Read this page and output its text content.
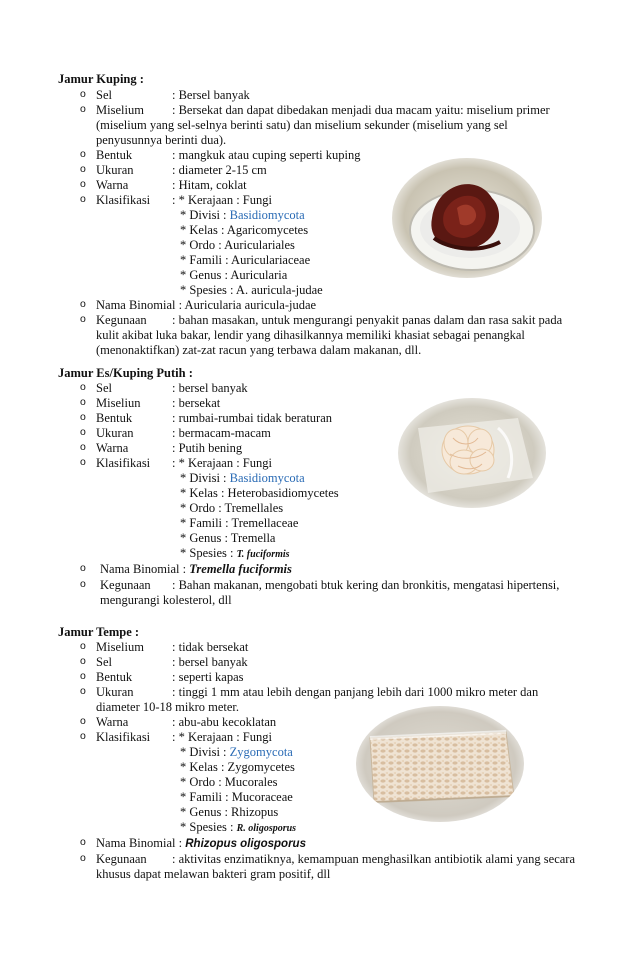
Jamur Kuping :
o Sel	: Bersel banyak
o Miselium : Bersekat dan dapat dibedakan menjadi dua macam yaitu: miselium primer
(miselium yang sel-selnya berinti satu) dan miselium sekunder (miselium yang sel
penyusunnya berinti dua).
o Bentuk	: mangkuk atau cuping seperti kuping
o Ukuran	: diameter 2-15 cm
o Warna	: Hitam, coklat
o Klasifikasi : * Kerajaan : Fungi
* Divisi : Basidiomycota
* Kelas : Agaricomycetes
* Ordo : Auriculariales
* Famili : Auriculariaceae
* Genus : Auricularia
* Spesies : A. auricula-judae
o Nama Binomial : Auricularia auricula-judae
o Kegunaan : bahan masakan, untuk mengurangi penyakit panas dalam dan rasa sakit pada
kulit akibat luka bakar, lendir yang dihasilkannya memiliki khasiat sebagai penangkal
(menonaktifkan) zat-zat racun yang terbawa dalam makanan, dll.
Jamur Es/Kuping Putih :
o Sel	: bersel banyak
o Miseliun	: bersekat
o Bentuk	: rumbai-rumbai tidak beraturan
o Ukuran	: bermacam-macam
o Warna	: Putih bening
o Klasifikasi : * Kerajaan : Fungi
* Divisi : Basidiomycota
* Kelas : Heterobasidiomycetes
* Ordo : Tremellales
* Famili : Tremellaceae
* Genus : Tremella
* Spesies : T. fuciformis
o Nama Binomial : Tremella fuciformis
o Kegunaan : Bahan makanan, mengobati btuk kering dan bronkitis, mengatasi hipertensi,
mengurangi kolesterol, dll
Jamur Tempe :
o Miselium : tidak bersekat
o Sel	: bersel banyak
o Bentuk	: seperti kapas
o Ukuran	: tinggi 1 mm atau lebih dengan panjang lebih dari 1000 mikro meter dan
diameter 10-18 mikro meter.
o Warna	: abu-abu kecoklatan
o Klasifikasi : * Kerajaan : Fungi
* Divisi : Zygomycota
* Kelas : Zygomycetes
* Ordo : Mucorales
* Famili : Mucoraceae
* Genus : Rhizopus
* Spesies : R. oligosporus
o Nama Binomial : Rhizopus oligosporus
o Kegunaan : aktivitas enzimatiknya, kemampuan menghasilkan antibiotik alami yang secara
khusus dapat melawan bakteri gram positif, dll
